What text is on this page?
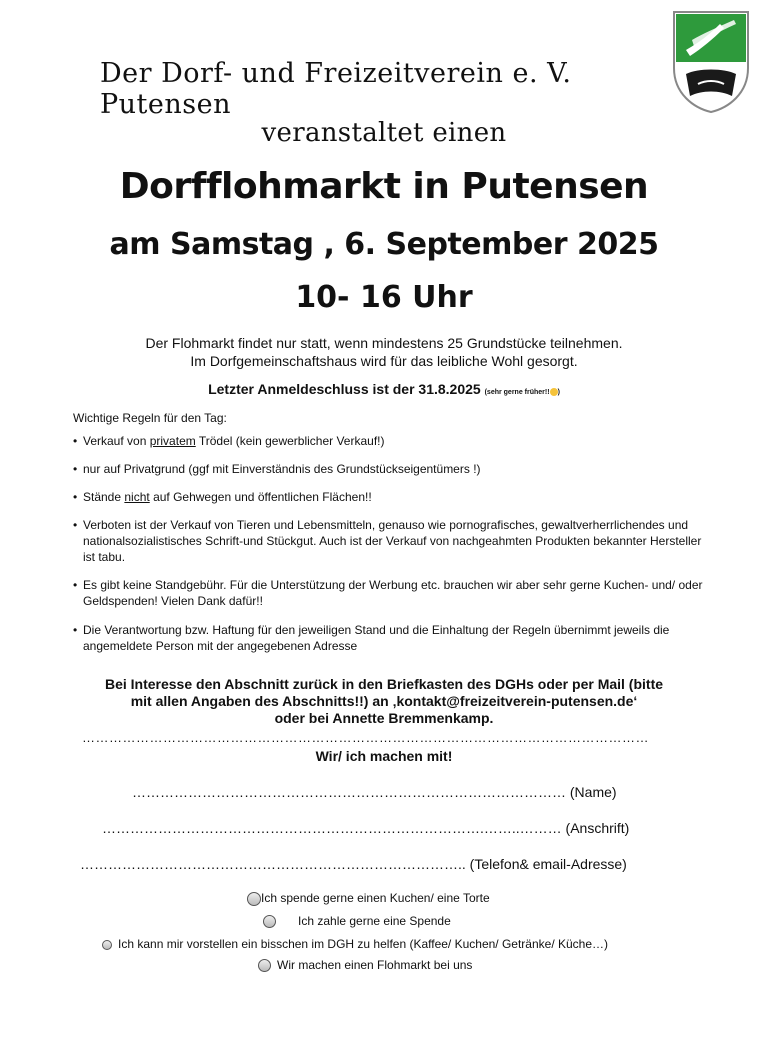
Der Dorf- und Freizeitverein e. V. Putensen
veranstaltet einen
Dorfflohmarkt in Putensen
am Samstag , 6. September 2025
10- 16 Uhr
Der Flohmarkt findet nur statt, wenn mindestens 25 Grundstücke teilnehmen.
Im Dorfgemeinschaftshaus wird für das leibliche Wohl gesorgt.
Letzter Anmeldeschluss ist der 31.8.2025 (sehr gerne früher!! )
Wichtige Regeln für den Tag:
• Verkauf von privatem Trödel (kein gewerblicher Verkauf!)
• nur auf Privatgrund (ggf mit Einverständnis des Grundstückseigentümers !)
• Stände nicht auf Gehwegen und öffentlichen Flächen!!
• Verboten ist der Verkauf von Tieren und Lebensmitteln, genauso wie pornografisches, gewaltverherrlichendes und nationalsozialistisches Schrift-und Stückgut. Auch ist der Verkauf von nachgeahmten Produkten bekannter Hersteller ist tabu.
• Es gibt keine Standgebühr. Für die Unterstützung der Werbung etc. brauchen wir aber sehr gerne Kuchen- und/ oder Geldspenden! Vielen Dank dafür!!
• Die Verantwortung bzw. Haftung für den jeweiligen Stand und die Einhaltung der Regeln übernimmt jeweils die angemeldete Person mit der angegebenen Adresse
Bei Interesse den Abschnitt zurück in den Briefkasten des DGHs oder per Mail (bitte
mit allen Angaben des Abschnitts!!) an ‚kontakt@freizeitverein-putensen.de‘
oder bei Annette Bremmenkamp.
………………………………………………………………………………………………………………
Wir/ ich machen mit!
………………………………………………………………………………… (Name)
……………………………………………………………………….……..……… (Anschrift)
……………………………………………………………………….. (Telefon& email-Adresse)
Ich spende gerne einen Kuchen/ eine Torte
Ich zahle gerne eine Spende
Ich kann mir vorstellen ein bisschen im DGH zu helfen (Kaffee/ Kuchen/ Getränke/ Küche…)
Wir machen einen Flohmarkt bei uns
